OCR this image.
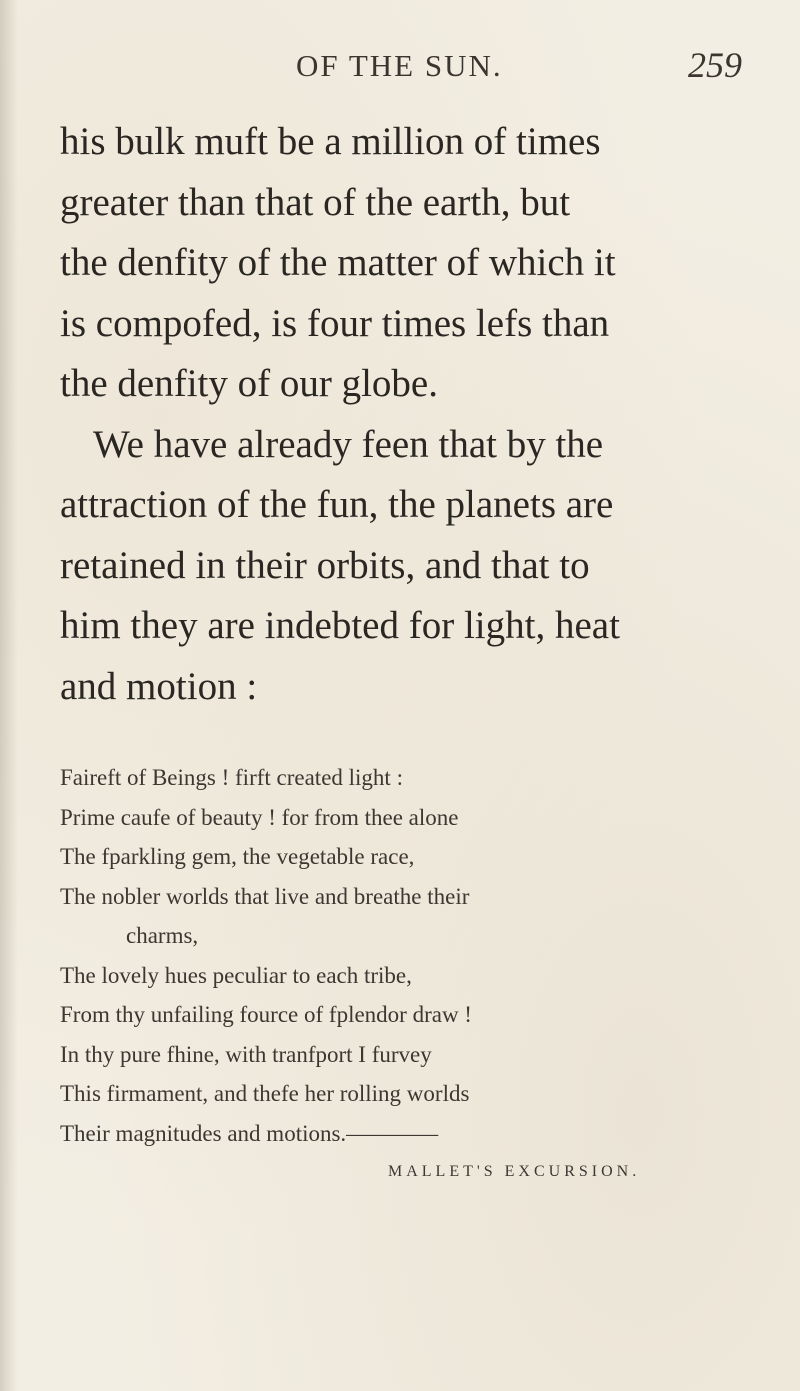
OF THE SUN.	259
his bulk muft be a million of times
greater than that of the earth, but
the denfity of the matter of which it
is compofed, is four times lefs than
the denfity of our globe.
We have already feen that by the
attraction of the fun, the planets are
retained in their orbits, and that to
him they are indebted for light, heat
and motion :
Faireft of Beings ! firft created light :
Prime caufe of beauty ! for from thee alone
The fparkling gem, the vegetable race,
The nobler worlds that live and breathe their
charms,
The lovely hues peculiar to each tribe,
From thy unfailing fource of fplendor draw !
In thy pure fhine, with tranfport I furvey
This firmament, and thefe her rolling worlds
Their magnitudes and motions.————
MALLET'S EXCURSION.
